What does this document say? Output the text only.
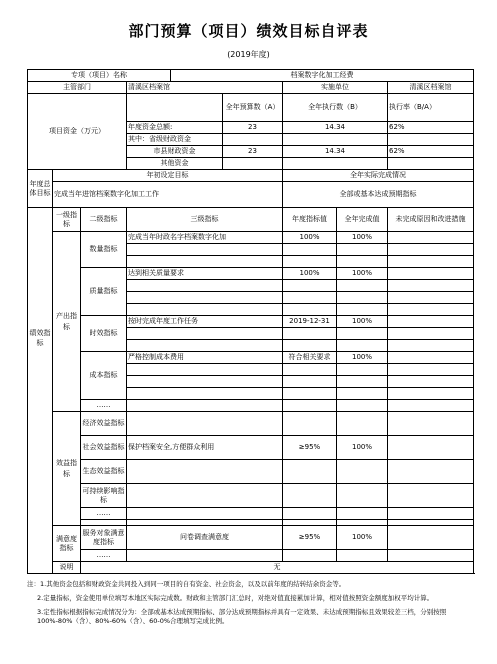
部门预算（项目）绩效目标自评表
(2019年度)
专项（项目）名称				档案数字化加工经费				
主管部门			清溪区档案馆			实施单位		清溪区档案馆
项目资金（万元）					全年预算数（A）	全年执行数（B）		执行率（B/A）
			年度资金总额:		23	14.34		62%
			其中：省级财政资金					
			市县财政资金		23	14.34		62%
			其他资金					
年度总体目标	年初设定目标					全年实际完成情况		
	完成当年进馆档案数字化加工工作					全部或基本达成预期指标		
绩效指标	一级指标	二级指标	三级指标			年度指标值	全年完成值	未完成原因和改进措施
	产出指标	数量指标	完成当年时政名字档案数字化加			100%	100%	

		质量指标	达到相关质量要求			100%	100%	

		时效指标	按时完成年度工作任务			2019-12-31	100%	

		成本指标	严格控制成本费用			符合相关要求	100%	

		……						
	效益指标	经济效益指标						
		社会效益指标	保护档案安全,方便群众利用			≥95%	100%	
		生态效益指标						
		可持续影响指标						
		……						

	满意度指标	服务对象满意度指标	问卷调查满意度			≥95%	100%	
		……						
	说明	无						

注：1.其他资金包括和财政资金共同投入到同一项目的自有资金、社会资金，以及以前年度的结转结余资金等。

2.定量指标，资金使用单位填写本地区实际完成数。财政和主管部门汇总时，对绝对值直接累加计算，相对值按照资金额度加权平均计算。

3.定性指标根据指标完成情况分为：全部或基本达成预期指标、部分达成预期指标并具有一定效果、未达成预期指标且效果较差三档，分别按照100%-80%（含）、80%-60%（含）、60-0%合理填写完成比例。
